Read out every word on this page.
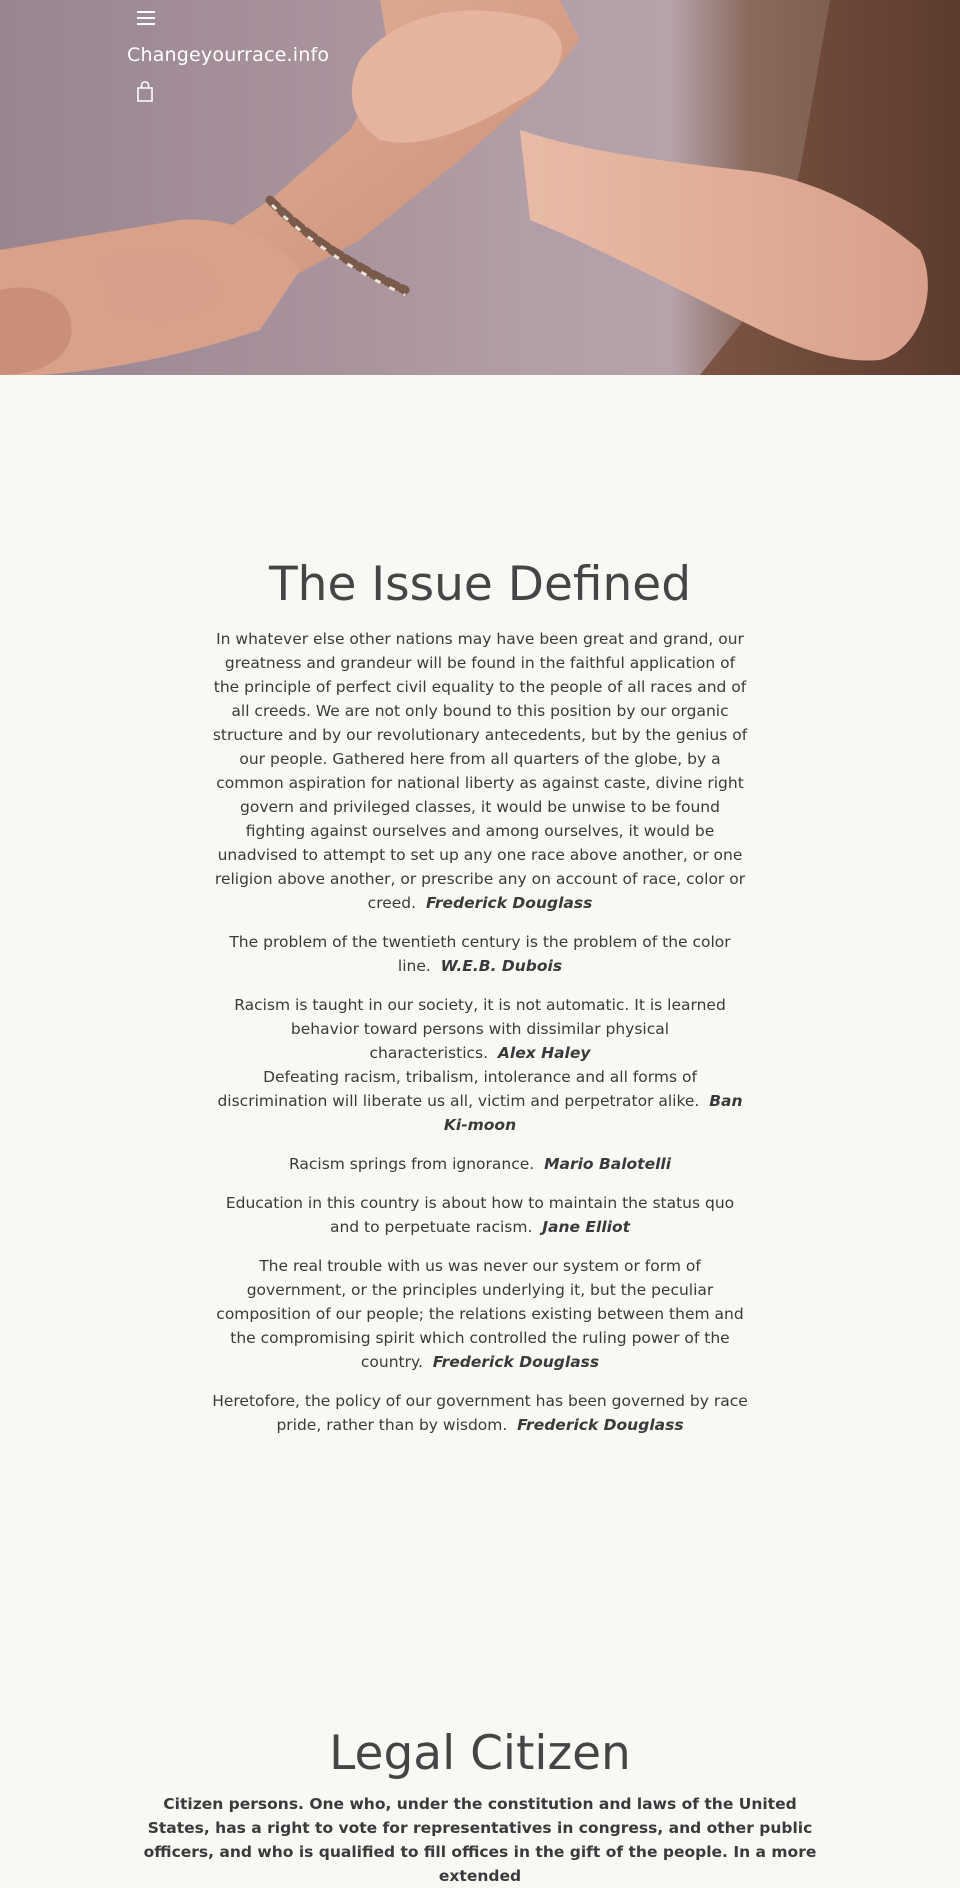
Changeyourrace.info
The Issue Defined

In whatever else other nations may have been great and grand, our greatness and grandeur will be found in the faithful application of the principle of perfect civil equality to the people of all races and of all creeds. We are not only bound to this position by our organic structure and by our revolutionary antecedents, but by the genius of our people. Gathered here from all quarters of the globe, by a common aspiration for national liberty as against caste, divine right govern and privileged classes, it would be unwise to be found fighting against ourselves and among ourselves, it would be unadvised to attempt to set up any one race above another, or one religion above another, or prescribe any on account of race, color or creed. Frederick Douglass

The problem of the twentieth century is the problem of the color line. W.E.B. Dubois

Racism is taught in our society, it is not automatic. It is learned behavior toward persons with dissimilar physical characteristics. Alex Haley

Defeating racism, tribalism, intolerance and all forms of discrimination will liberate us all, victim and perpetrator alike. Ban Ki-moon

Racism springs from ignorance. Mario Balotelli

Education in this country is about how to maintain the status quo and to perpetuate racism. Jane Elliot

The real trouble with us was never our system or form of government, or the principles underlying it, but the peculiar composition of our people; the relations existing between them and the compromising spirit which controlled the ruling power of the country. Frederick Douglass

Heretofore, the policy of our government has been governed by race pride, rather than by wisdom. Frederick Douglass

Legal Citizen

Citizen persons. One who, under the constitution and laws of the United States, has a right to vote for representatives in congress, and other public officers, and who is qualified to fill offices in the gift of the people. In a more extended
